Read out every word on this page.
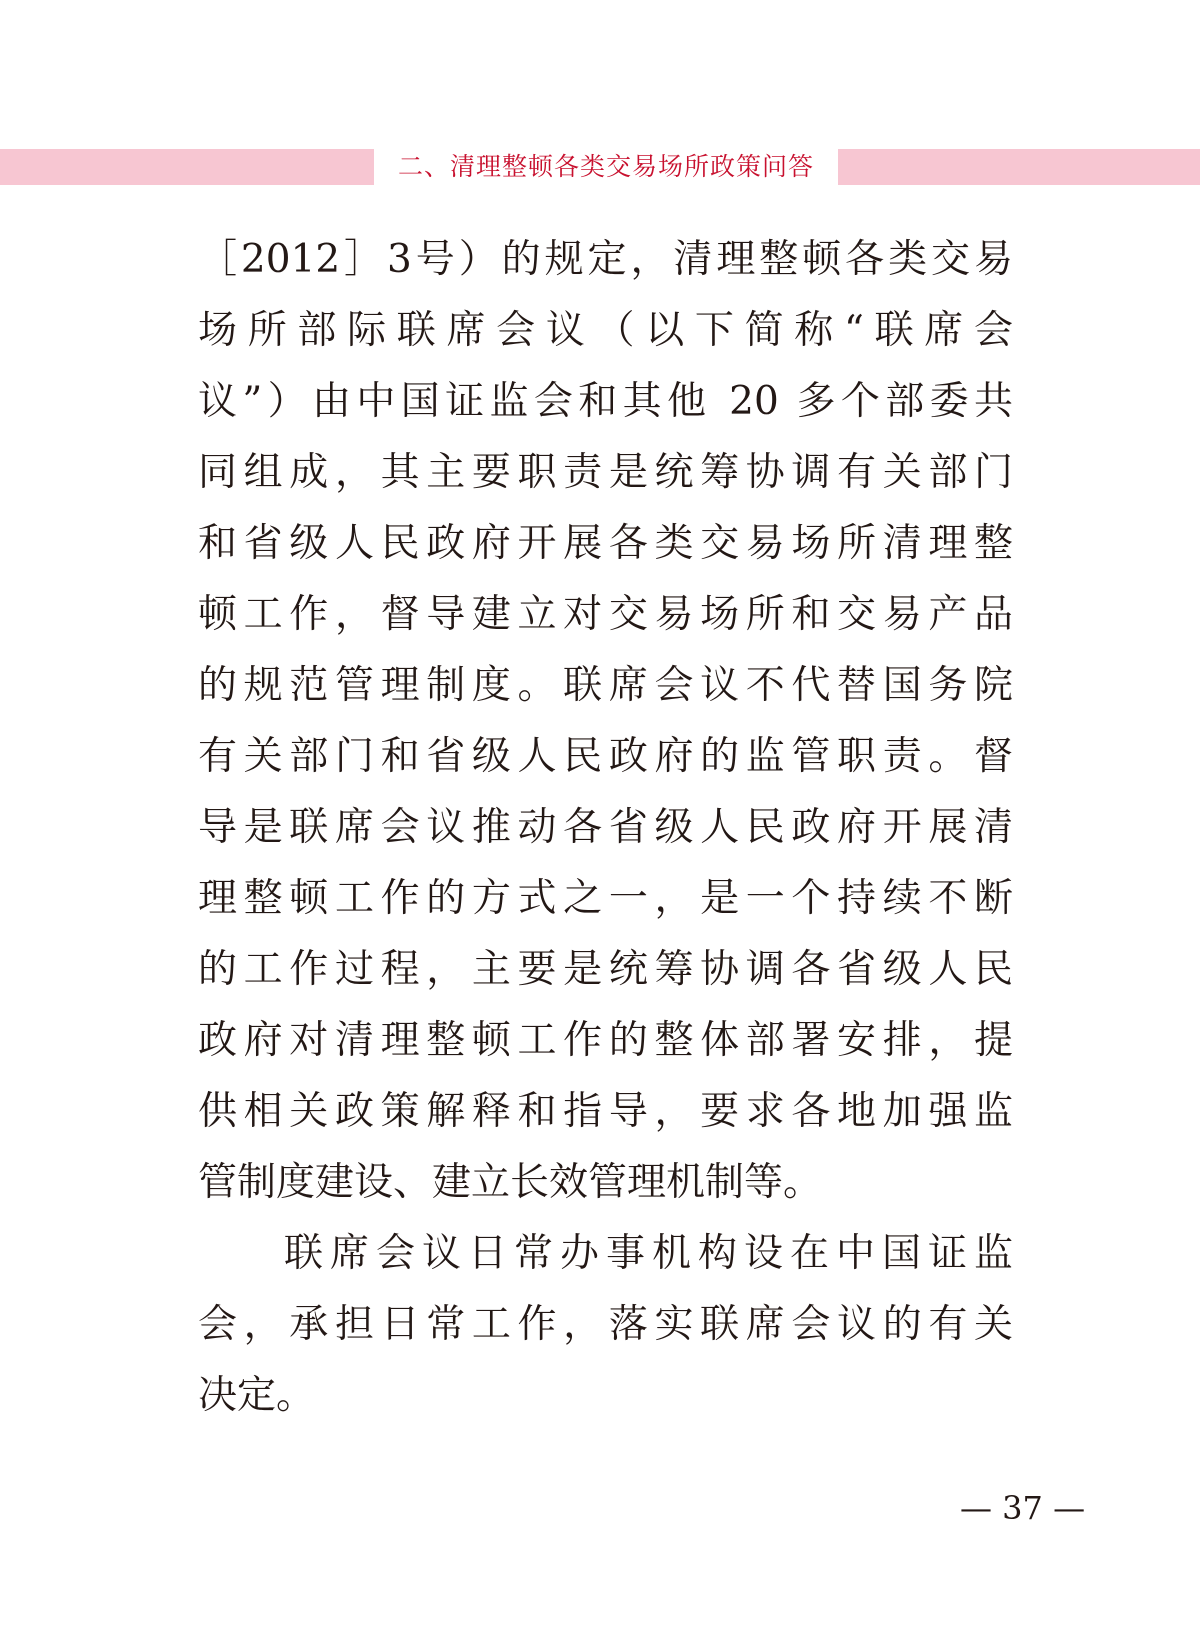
二、清理整顿各类交易场所政策问答
［2012］3号）的规定，清理整顿各类交易
场所部际联席会议（以下简称“联席会
议”）由中国证监会和其他 20 多个部委共
同组成，其主要职责是统筹协调有关部门
和省级人民政府开展各类交易场所清理整
顿工作，督导建立对交易场所和交易产品
的规范管理制度。联席会议不代替国务院
有关部门和省级人民政府的监管职责。督
导是联席会议推动各省级人民政府开展清
理整顿工作的方式之一，是一个持续不断
的工作过程，主要是统筹协调各省级人民
政府对清理整顿工作的整体部署安排，提
供相关政策解释和指导，要求各地加强监
管制度建设、建立长效管理机制等。
联席会议日常办事机构设在中国证监
会，承担日常工作，落实联席会议的有关
决定。
— 37 —
